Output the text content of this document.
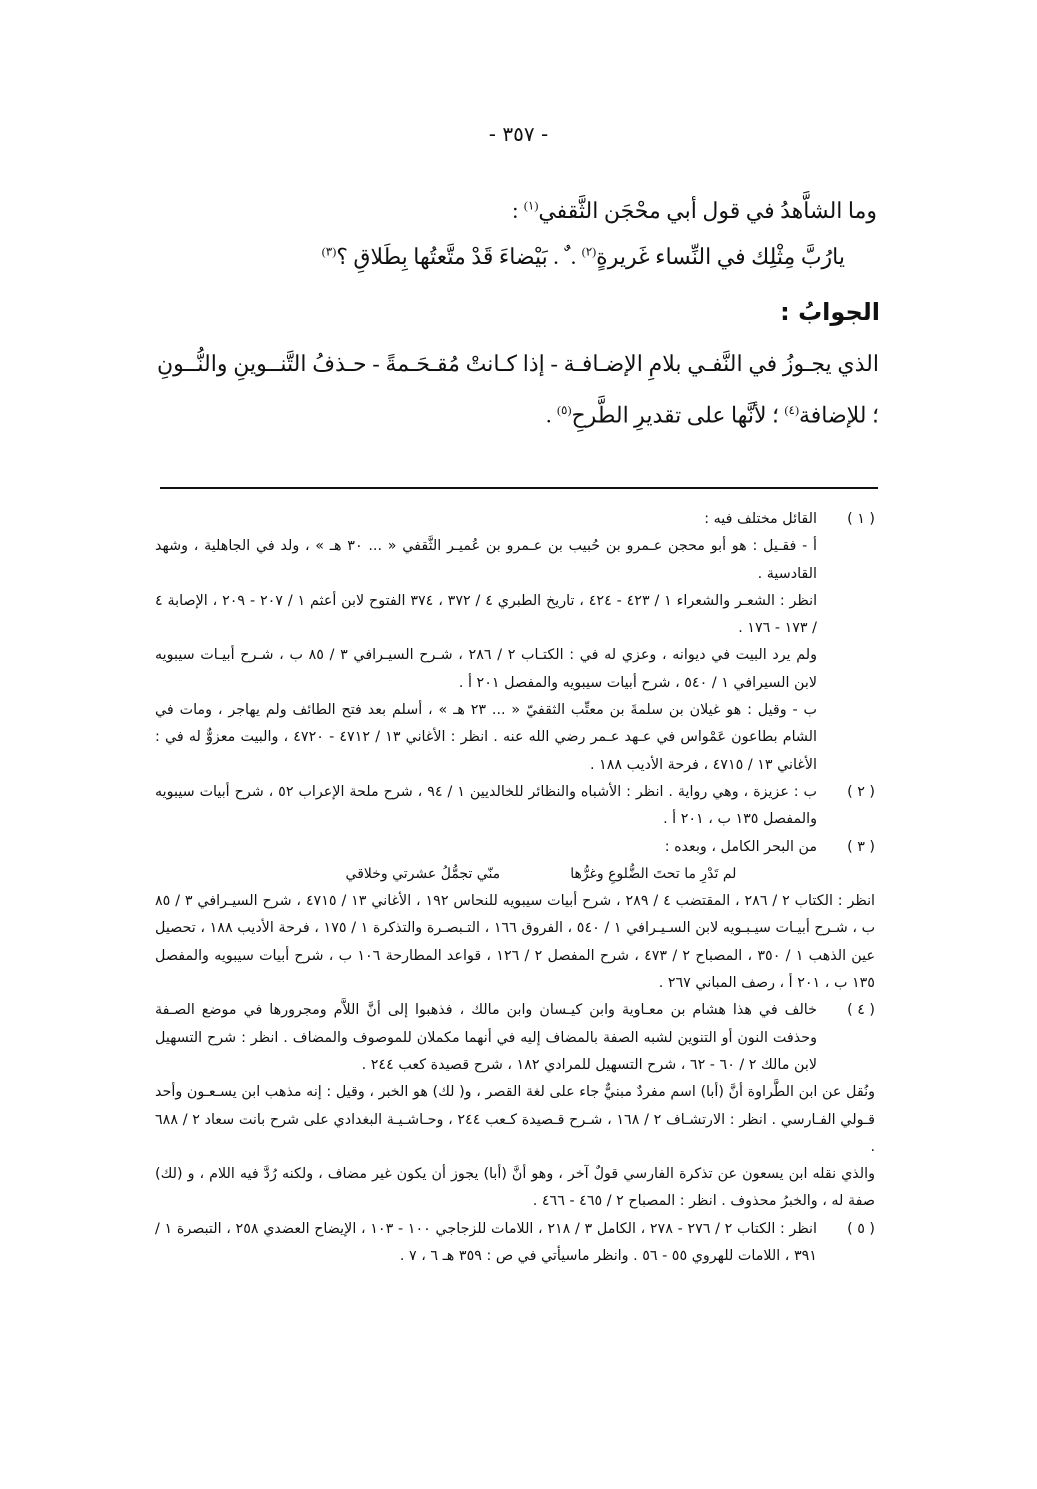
- ٣٥٧ -
وما الشاَّهدُ في قول أبي محْجَن الثَّقفي$^{(١)}$ :
يارُبَّ مِثْلِك في النِّساء غَريرةٍ$^{(٢)}$ . ٌ . بَيْضاءَ قَدْ متَّعتُها بِطَلاقِ ؟$^{(٣)}$
الجوابُ :
الذي يجـوزُ في النَّفـي بلامِ الإضـافـة - إذا كـانتْ مُقـحَـمةً - حـذفُ التَّنــوينِ والنُّــونِ ؛ للإضافة$^{(٤)}$ ؛ لأنَّها على تقديرِ الطَّرحِ$^{(٥)}$ .
( ١ )

القائل مختلف فيه :

أ - فقـيل : هو أبو محجن عـمرو بن حُبيب بن عـمرو بن عُميـر الثَّقفي « ... ٣٠ هـ » ، ولد في الجاهلية ، وشهد القادسية .

انظر : الشعـر والشعراء ١ / ٤٢٣ - ٤٢٤ ، تاريخ الطبري ٤ / ٣٧٢ ، ٣٧٤ الفتوح لابن أعثم ١ / ٢٠٧ - ٢٠٩ ، الإصابة ٤ / ١٧٣ - ١٧٦ .

ولم يرد البيت في ديوانه ، وعزي له في : الكتـاب ٢ / ٢٨٦ ، شـرح السيـرافي ٣ / ٨٥ ب ، شـرح أبيـات سيبويه لابن السيرافي ١ / ٥٤٠ ، شرح أبيات سيبويه والمفصل ٢٠١ أ .

ب - وقيل : هو غيلان بن سلمةَ بن معتِّب الثقفيّ « ... ٢٣ هـ » ، أسلم بعد فتح الطائف ولم يهاجر ، ومات في الشام بطاعون عَمْواس في عـهد عـمر رضي الله عنه . انظر : الأغاني ١٣ / ٤٧١٢ - ٤٧٢٠ ، والبيت معزوٌّ له في : الأغاني ١٣ / ٤٧١٥ ، فرحة الأديب ١٨٨ .

( ٢ )

ب : عزيزة ، وهي رواية . انظر : الأشباه والنظائر للخالديين ١ / ٩٤ ، شرح ملحة الإعراب ٥٢ ، شرح أبيات سيبويه والمفصل ١٣٥ ب ، ٢٠١ أ .

( ٣ )

من البحر الكامل ، وبعده :

لم تَدْرِ ما تحتَ الضُّلوعِ وغرُّها
منّي تجمُّلُ عشرتي وخلاقي

انظر : الكتاب ٢ / ٢٨٦ ، المقتضب ٤ / ٢٨٩ ، شرح أبيات سيبويه للنحاس ١٩٢ ، الأغاني ١٣ / ٤٧١٥ ، شرح السيـرافي ٣ / ٨٥ ب ، شـرح أبيـات سيـبـويه لابن السـيـرافي ١ / ٥٤٠ ، الفروق ١٦٦ ، التـبصـرة والتذكرة ١ / ١٧٥ ، فرحة الأديب ١٨٨ ، تحصيل عين الذهب ١ / ٣٥٠ ، المصباح ٢ / ٤٧٣ ، شرح المفصل ٢ / ١٢٦ ، قواعد المطارحة ١٠٦ ب ، شرح أبيات سيبويه والمفصل ١٣٥ ب ، ٢٠١ أ ، رصف المباني ٢٦٧ .

( ٤ )

خالف في هذا هشام بن معـاوية وابن كيـسان وابن مالك ، فذهبوا إلى أنَّ اللاَّم ومجرورها في موضع الصـفة وحذفت النون أو التنوين لشبه الصفة بالمضاف إليه في أنهما مكملان للموصوف والمضاف . انظر : شرح التسهيل لابن مالك ٢ / ٦٠ - ٦٢ ، شرح التسهيل للمرادي ١٨٢ ، شرح قصيدة كعب ٢٤٤ .

ونُقل عن ابن الطَّراوة أنَّ (أبا) اسم مفردٌ مبنيٌّ جاء على لغة القصر ، و( لك) هو الخبر ، وقيل : إنه مذهب ابن يسـعـون وأحد قـولي الفـارسي . انظر : الارتشـاف ٢ / ١٦٨ ، شـرح قـصيدة كـعب ٢٤٤ ، وحـاشـيـة البغدادي على شرح بانت سعاد ٢ / ٦٨٨ .

والذي نقله ابن يسعون عن تذكرة الفارسي قولٌ آخر ، وهو أنَّ (أبا) يجوز أن يكون غير مضاف ، ولكنه رُدَّ فيه اللام ، و (لك) صفة له ، والخبرُ محذوف . انظر : المصباح ٢ / ٤٦٥ - ٤٦٦ .

( ٥ )

انظر : الكتاب ٢ / ٢٧٦ - ٢٧٨ ، الكامل ٣ / ٢١٨ ، اللامات للزجاجي ١٠٠ - ١٠٣ ، الإيضاح العضدي ٢٥٨ ، التبصرة ١ / ٣٩١ ، اللامات للهروي ٥٥ - ٥٦ . وانظر ماسيأتي في ص : ٣٥٩ هـ ٦ ، ٧ .
